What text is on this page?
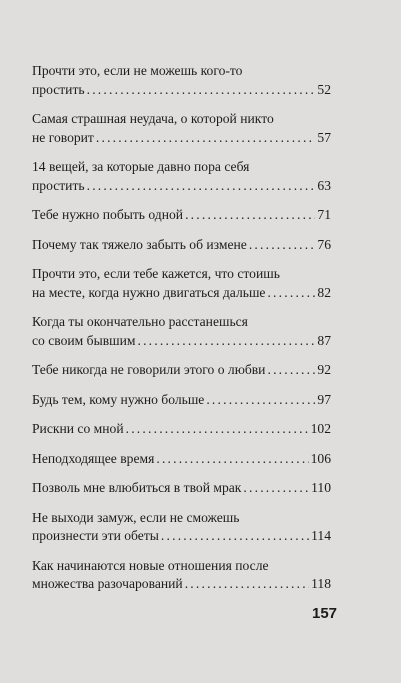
Прочти это, если не можешь кого-то
простить . . .	52
Самая страшная неудача, о которой никто
не говорит . . .	57
14 вещей, за которые давно пора себя
простить . . .	63
Тебе нужно побыть одной . . .	71
Почему так тяжело забыть об измене . . .	76
Прочти это, если тебе кажется, что стоишь
на месте, когда нужно двигаться дальше . . .	82
Когда ты окончательно расстанешься
со своим бывшим . . .	87
Тебе никогда не говорили этого о любви . . .	92
Будь тем, кому нужно больше . . .	97
Рискни со мной . . .	102
Неподходящее время . . .	106
Позволь мне влюбиться в твой мрак . . .	110
Не выходи замуж, если не сможешь
произнести эти обеты . . .	114
Как начинаются новые отношения после
множества разочарований . . .	118
157
